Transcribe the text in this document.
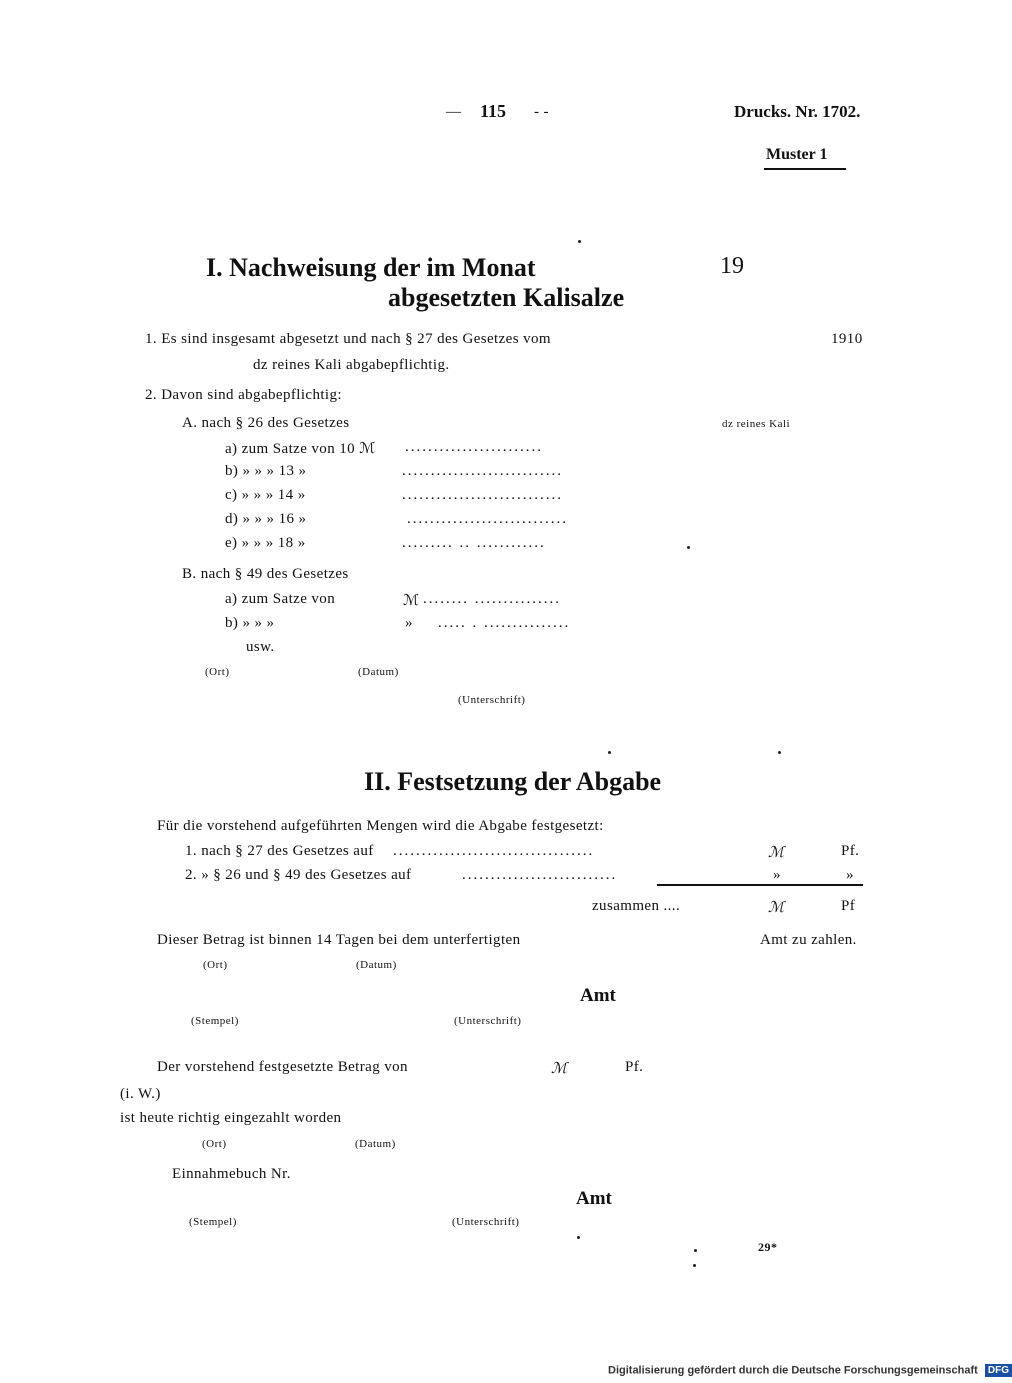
— 115 - -	Drucks. Nr. 1702.
Muster 1
I. Nachweisung der im Monat	19
abgesetzten Kalisalze
1. Es sind insgesamt abgesetzt und nach § 27 des Gesetzes vom	1910
dz reines Kali abgabepflichtig.
2. Davon sind abgabepflichtig:
A. nach § 26 des Gesetzes	dz reines Kali
a) zum Satze von 10 ℳ ........................
b) » » » 13 »	............................
c) » » » 14 »	............................
d) » » » 16 »	............................
e) » » » 18 »	......... .. ............
B. nach § 49 des Gesetzes
a) zum Satze von	ℳ ........ ...............
b) » » »	» ..... . ...............
usw.
(Ort)	(Datum)
(Unterschrift)
II. Festsetzung der Abgabe
Für die vorstehend aufgeführten Mengen wird die Abgabe festgesetzt:
1. nach § 27 des Gesetzes auf ...................................	ℳ	Pf.
2. » § 26 und § 49 des Gesetzes auf	...........................	»	»
zusammen ....	ℳ	Pf
Dieser Betrag ist binnen 14 Tagen bei dem unterfertigten	Amt zu zahlen.
(Ort)	(Datum)
Amt
(Stempel)	(Unterschrift)
Der vorstehend festgesetzte Betrag von	ℳ	Pf.
(i. W.)
ist heute richtig eingezahlt worden
(Ort)	(Datum)
Einnahmebuch Nr.
Amt
(Stempel)	(Unterschrift)
29*
Digitalisierung gefördert durch die Deutsche Forschungsgemeinschaft DFG
